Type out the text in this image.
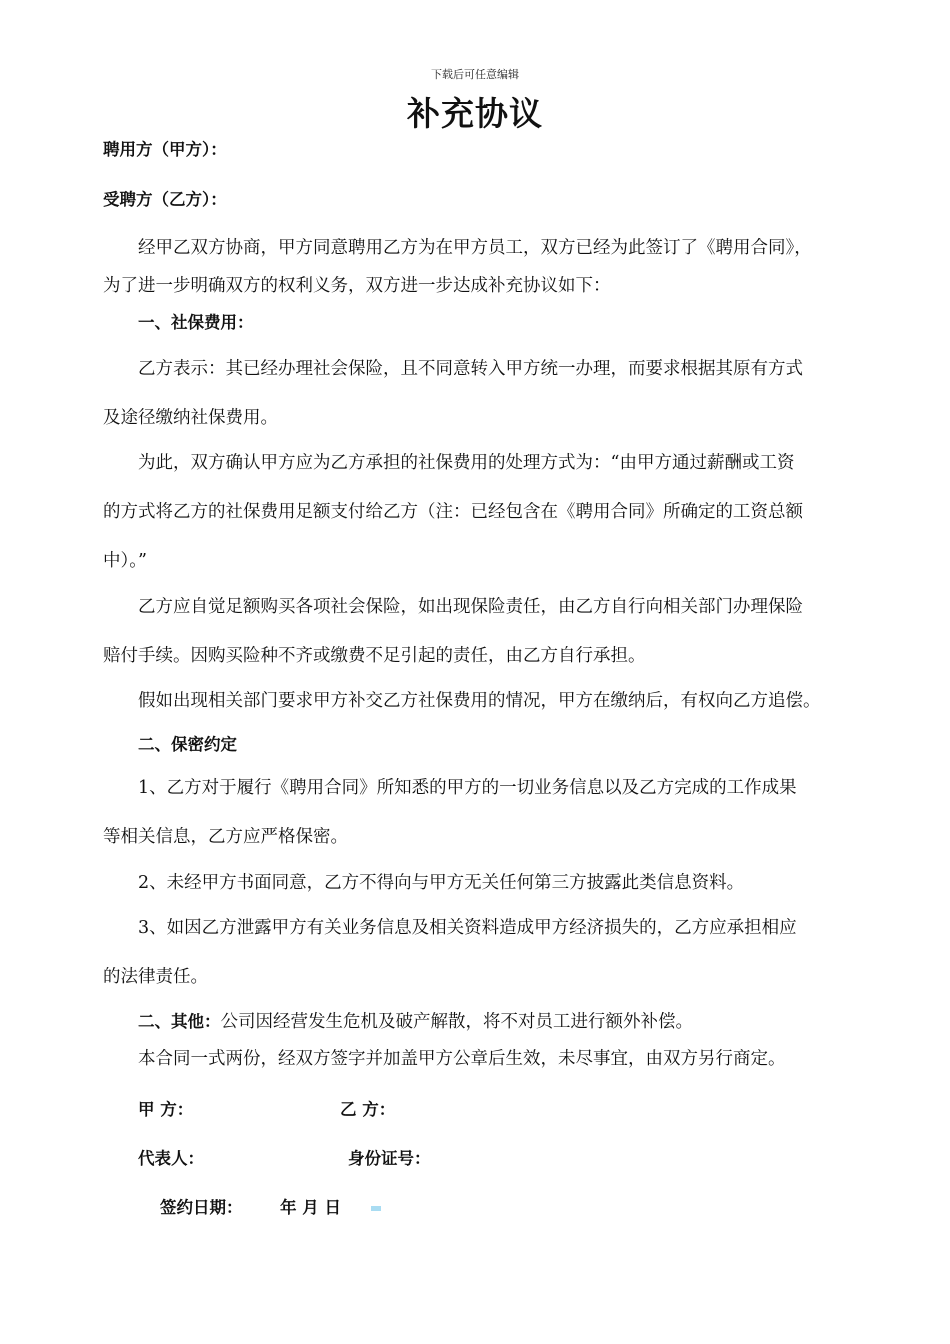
下载后可任意编辑
补充协议
聘用方（甲方）：
受聘方（乙方）：
经甲乙双方协商，甲方同意聘用乙方为在甲方员工，双方已经为此签订了《聘用合同》，
为了进一步明确双方的权利义务，双方进一步达成补充协议如下：
一、社保费用：
乙方表示：其已经办理社会保险，且不同意转入甲方统一办理，而要求根据其原有方式
及途径缴纳社保费用。
为此，双方确认甲方应为乙方承担的社保费用的处理方式为：“由甲方通过薪酬或工资
的方式将乙方的社保费用足额支付给乙方（注：已经包含在《聘用合同》所确定的工资总额
中）。”
乙方应自觉足额购买各项社会保险，如出现保险责任，由乙方自行向相关部门办理保险
赔付手续。因购买险种不齐或缴费不足引起的责任，由乙方自行承担。
假如出现相关部门要求甲方补交乙方社保费用的情况，甲方在缴纳后，有权向乙方追偿。
二、保密约定
1、乙方对于履行《聘用合同》所知悉的甲方的一切业务信息以及乙方完成的工作成果
等相关信息，乙方应严格保密。
2、未经甲方书面同意，乙方不得向与甲方无关任何第三方披露此类信息资料。
3、如因乙方泄露甲方有关业务信息及相关资料造成甲方经济损失的，乙方应承担相应
的法律责任。
二、其他：公司因经营发生危机及破产解散，将不对员工进行额外补偿。
本合同一式两份，经双方签字并加盖甲方公章后生效，未尽事宜，由双方另行商定。
甲 方：	乙 方：
代表人：	身份证号：
签约日期： 年 月 日
